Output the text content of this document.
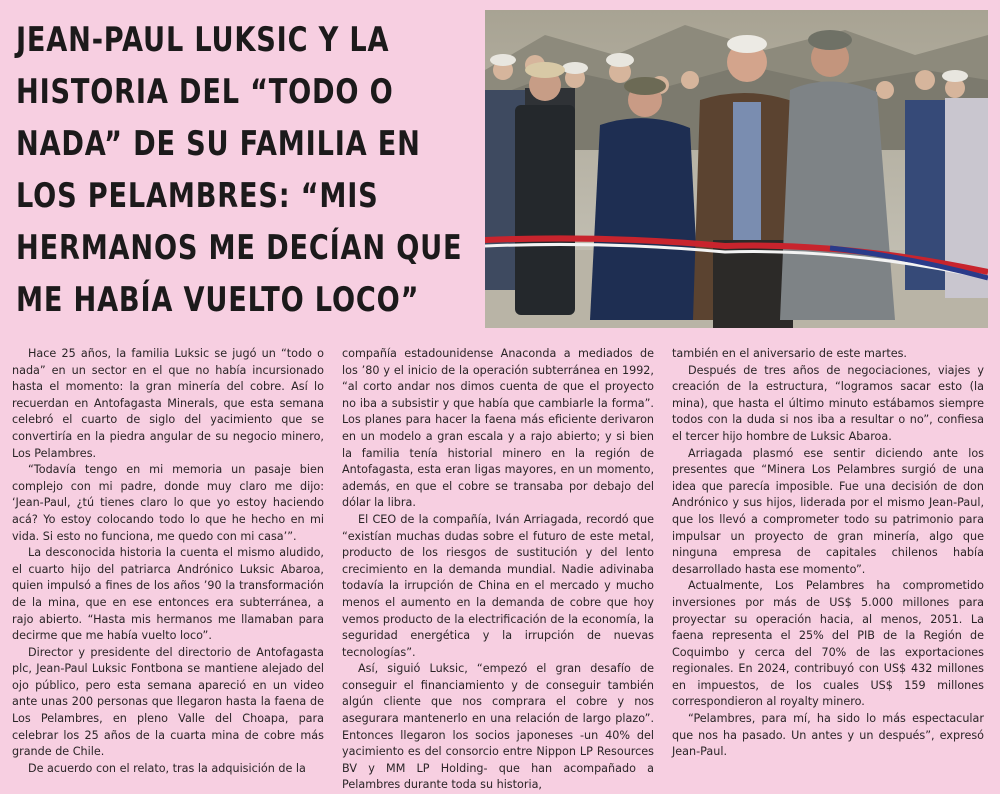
JEAN-PAUL LUKSIC Y LA
HISTORIA DEL “TODO O
NADA” DE SU FAMILIA EN
LOS PELAMBRES: “MIS
HERMANOS ME DECÍAN QUE
ME HABÍA VUELTO LOCO”

Hace 25 años, la familia Luksic se jugó un “todo o nada” en un sector en el que no había incursionado hasta el momento: la gran minería del cobre. Así lo recuerdan en Antofagasta Minerals, que esta semana celebró el cuarto de siglo del yacimiento que se convertiría en la piedra angular de su negocio minero, Los Pelambres.

“Todavía tengo en mi memoria un pasaje bien complejo con mi padre, donde muy claro me dijo: ‘Jean-Paul, ¿tú tienes claro lo que yo estoy haciendo acá? Yo estoy colocando todo lo que he hecho en mi vida. Si esto no funciona, me quedo con mi casa’”.

La desconocida historia la cuenta el mismo aludido, el cuarto hijo del patriarca Andrónico Luksic Abaroa, quien impulsó a fines de los años ’90 la transformación de la mina, que en ese entonces era subterránea, a rajo abierto. “Hasta mis hermanos me llamaban para decirme que me había vuelto loco”.

Director y presidente del directorio de Antofagasta plc, Jean-Paul Luksic Fontbona se mantiene alejado del ojo público, pero esta semana apareció en un video ante unas 200 personas que llegaron hasta la faena de Los Pelambres, en pleno Valle del Choapa, para celebrar los 25 años de la cuarta mina de cobre más grande de Chile.

De acuerdo con el relato, tras la adquisición de la

compañía estadounidense Anaconda a mediados de los ’80 y el inicio de la operación subterránea en 1992, “al corto andar nos dimos cuenta de que el proyecto no iba a subsistir y que había que cambiarle la forma”. Los planes para hacer la faena más eficiente derivaron en un modelo a gran escala y a rajo abierto; y si bien la familia tenía historial minero en la región de Antofagasta, esta eran ligas mayores, en un momento, además, en que el cobre se transaba por debajo del dólar la libra.

El CEO de la compañía, Iván Arriagada, recordó que “existían muchas dudas sobre el futuro de este metal, producto de los riesgos de sustitución y del lento crecimiento en la demanda mundial. Nadie adivinaba todavía la irrupción de China en el mercado y mucho menos el aumento en la demanda de cobre que hoy vemos producto de la electrificación de la economía, la seguridad energética y la irrupción de nuevas tecnologías”.

Así, siguió Luksic, “empezó el gran desafío de conseguir el financiamiento y de conseguir también algún cliente que nos comprara el cobre y nos asegurara mantenerlo en una relación de largo plazo”. Entonces llegaron los socios japoneses -un 40% del yacimiento es del consorcio entre Nippon LP Resources BV y MM LP Holding- que han acompañado a Pelambres durante toda su historia,

también en el aniversario de este martes.

Después de tres años de negociaciones, viajes y creación de la estructura, “logramos sacar esto (la mina), que hasta el último minuto estábamos siempre todos con la duda si nos iba a resultar o no”, confiesa el tercer hijo hombre de Luksic Abaroa.

Arriagada plasmó ese sentir diciendo ante los presentes que “Minera Los Pelambres surgió de una idea que parecía imposible. Fue una decisión de don Andrónico y sus hijos, liderada por el mismo Jean-Paul, que los llevó a comprometer todo su patrimonio para impulsar un proyecto de gran minería, algo que ninguna empresa de capitales chilenos había desarrollado hasta ese momento”.

Actualmente, Los Pelambres ha comprometido inversiones por más de US$ 5.000 millones para proyectar su operación hacia, al menos, 2051. La faena representa el 25% del PIB de la Región de Coquimbo y cerca del 70% de las exportaciones regionales. En 2024, contribuyó con US$ 432 millones en impuestos, de los cuales US$ 159 millones correspondieron al royalty minero.

“Pelambres, para mí, ha sido lo más espectacular que nos ha pasado. Un antes y un después”, expresó Jean-Paul.
